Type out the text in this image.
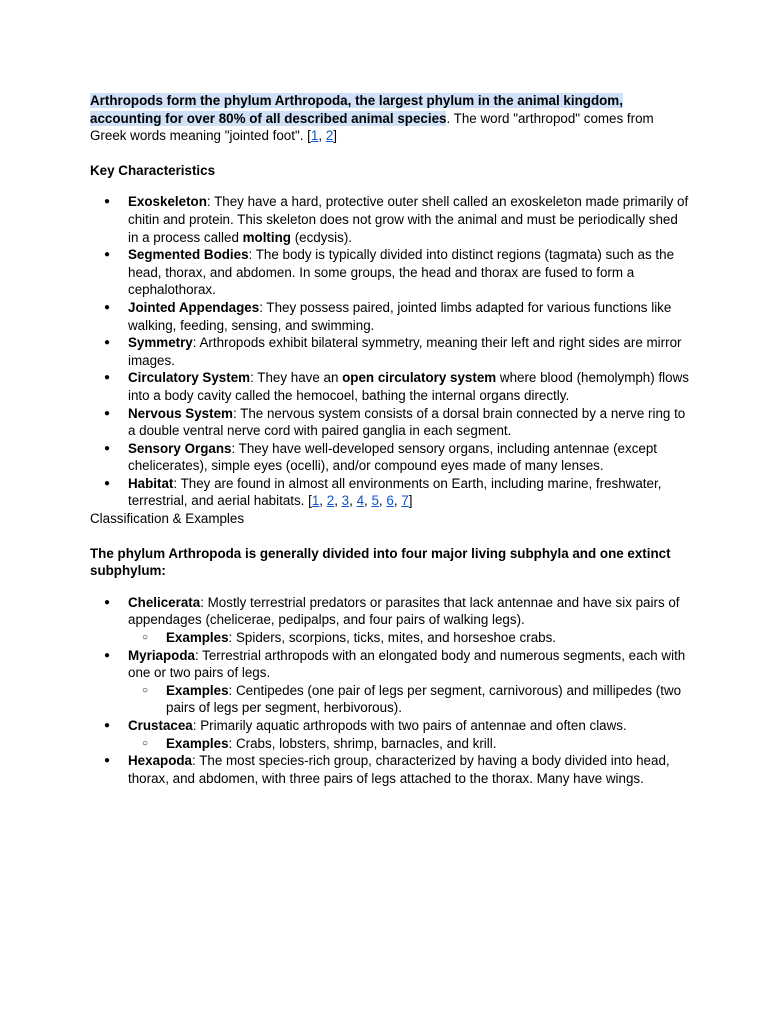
Arthropods form the phylum Arthropoda, the largest phylum in the animal kingdom,
accounting for over 80% of all described animal species. The word "arthropod" comes from Greek words meaning "jointed foot". [1, 2]

Key Characteristics

● Exoskeleton: They have a hard, protective outer shell called an exoskeleton made primarily of chitin and protein. This skeleton does not grow with the animal and must be periodically shed in a process called molting (ecdysis).
● Segmented Bodies: The body is typically divided into distinct regions (tagmata) such as the head, thorax, and abdomen. In some groups, the head and thorax are fused to form a cephalothorax.
● Jointed Appendages: They possess paired, jointed limbs adapted for various functions like walking, feeding, sensing, and swimming.
● Symmetry: Arthropods exhibit bilateral symmetry, meaning their left and right sides are mirror images.
● Circulatory System: They have an open circulatory system where blood (hemolymph) flows into a body cavity called the hemocoel, bathing the internal organs directly.
● Nervous System: The nervous system consists of a dorsal brain connected by a nerve ring to a double ventral nerve cord with paired ganglia in each segment.
● Sensory Organs: They have well-developed sensory organs, including antennae (except chelicerates), simple eyes (ocelli), and/or compound eyes made of many lenses.
● Habitat: They are found in almost all environments on Earth, including marine, freshwater, terrestrial, and aerial habitats. [1, 2, 3, 4, 5, 6, 7]

Classification & Examples

The phylum Arthropoda is generally divided into four major living subphyla and one extinct subphylum:

● Chelicerata: Mostly terrestrial predators or parasites that lack antennae and have six pairs of appendages (chelicerae, pedipalps, and four pairs of walking legs).
○ Examples: Spiders, scorpions, ticks, mites, and horseshoe crabs.
● Myriapoda: Terrestrial arthropods with an elongated body and numerous segments, each with one or two pairs of legs.
○ Examples: Centipedes (one pair of legs per segment, carnivorous) and millipedes (two pairs of legs per segment, herbivorous).
● Crustacea: Primarily aquatic arthropods with two pairs of antennae and often claws.
○ Examples: Crabs, lobsters, shrimp, barnacles, and krill.
● Hexapoda: The most species-rich group, characterized by having a body divided into head, thorax, and abdomen, with three pairs of legs attached to the thorax. Many have wings.
